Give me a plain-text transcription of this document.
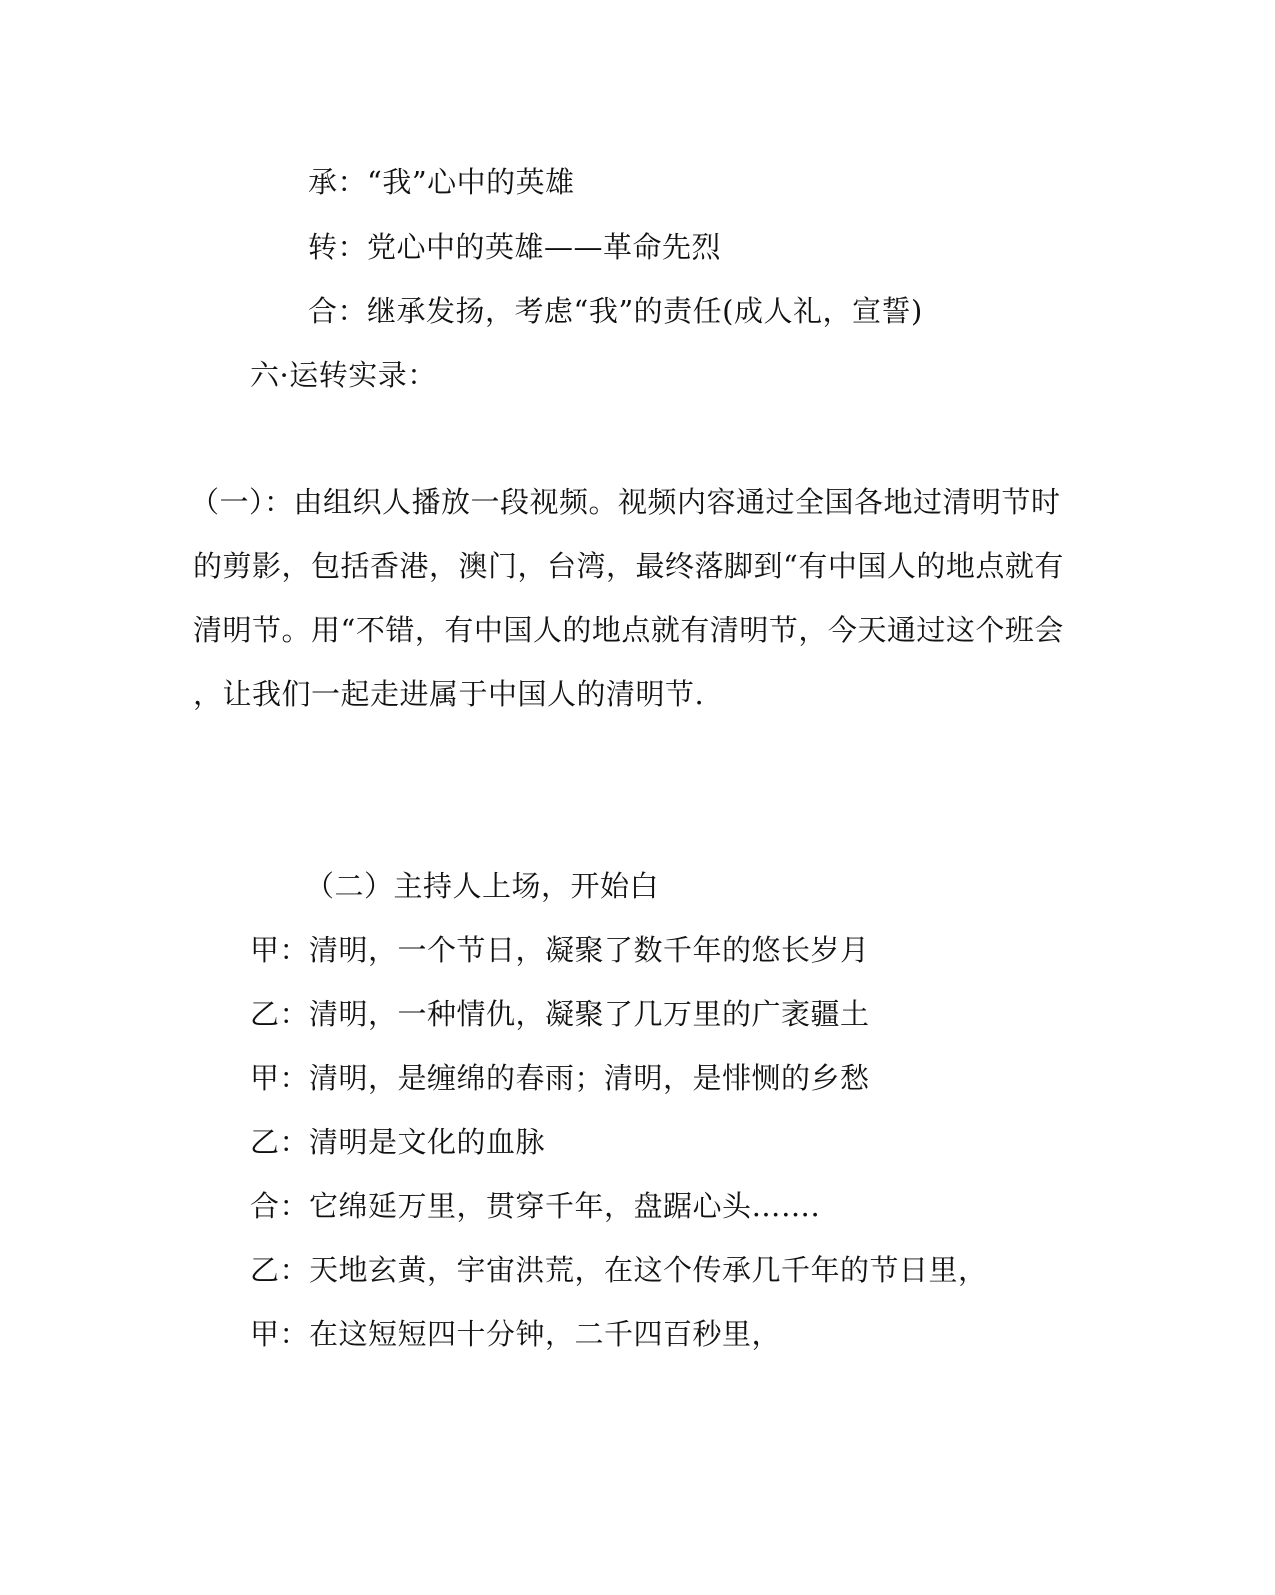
承：“我”心中的英雄
转：党心中的英雄——革命先烈
合：继承发扬，考虑“我”的责任(成人礼，宣誓)
六·运转实录：
（一）：由组织人播放一段视频。视频内容通过全国各地过清明节时
的剪影，包括香港，澳门，台湾，最终落脚到“有中国人的地点就有
清明节。用“不错，有中国人的地点就有清明节，今天通过这个班会
，让我们一起走进属于中国人的清明节.
（二）主持人上场，开始白
甲：清明，一个节日，凝聚了数千年的悠长岁月
乙：清明，一种情仇，凝聚了几万里的广袤疆土
甲：清明，是缠绵的春雨；清明，是悱恻的乡愁
乙：清明是文化的血脉
合：它绵延万里，贯穿千年，盘踞心头…….
乙：天地玄黄，宇宙洪荒，在这个传承几千年的节日里，
甲：在这短短四十分钟，二千四百秒里，
